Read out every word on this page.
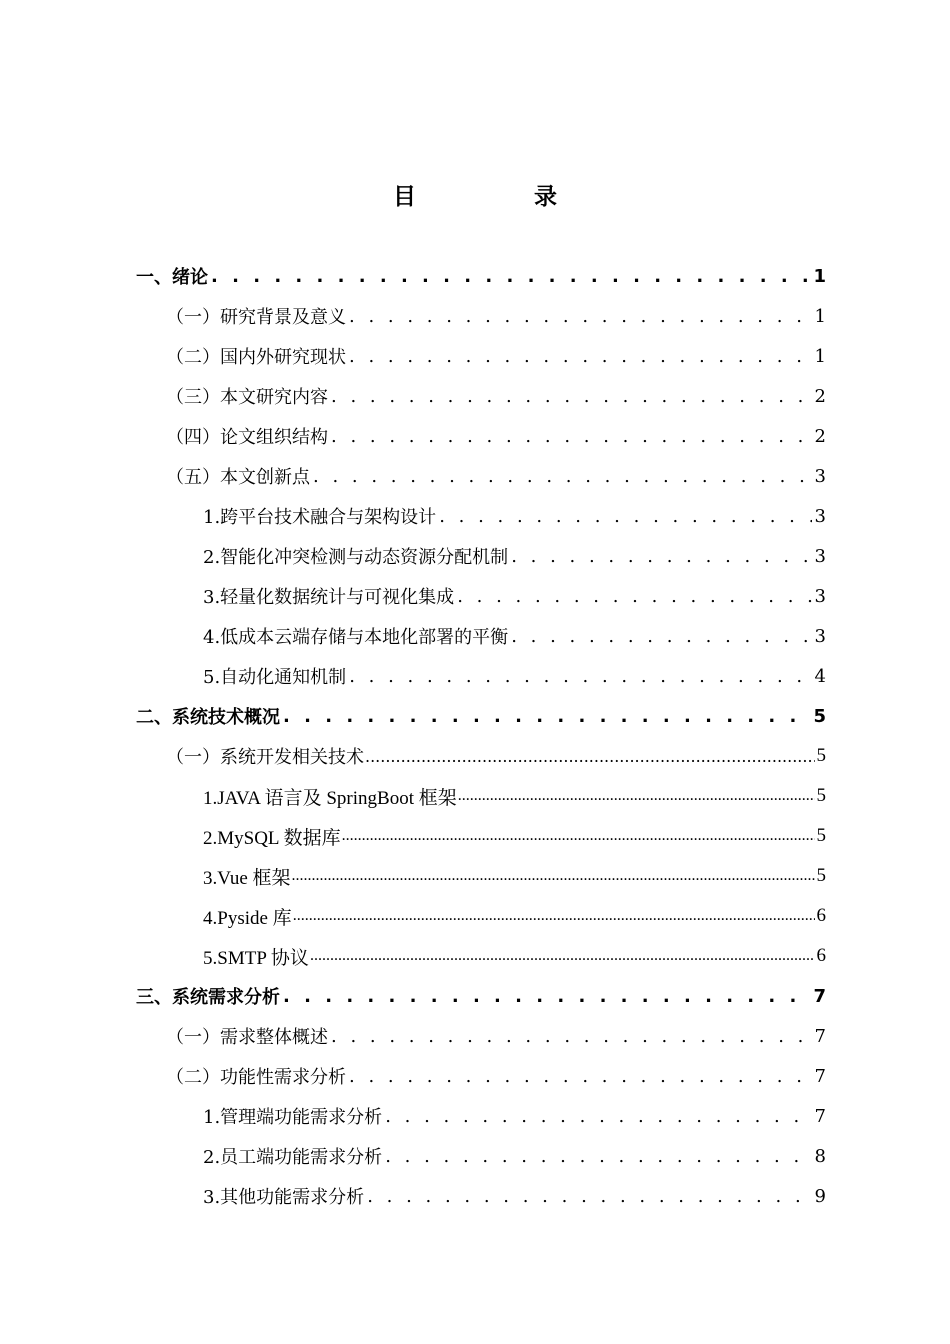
目 录
一、绪论 . . .	1
（一）研究背景及意义 . . .	1
（二）国内外研究现状 . . .	1
（三）本文研究内容 . . .	2
（四）论文组织结构 . . .	2
（五）本文创新点 . . .	3
1.跨平台技术融合与架构设计 . . .	3
2.智能化冲突检测与动态资源分配机制 . . .	3
3.轻量化数据统计与可视化集成 . . .	3
4.低成本云端存储与本地化部署的平衡 . . .	3
5.自动化通知机制 . . .	4
二、系统技术概况 . . .	5
（一）系统开发相关技术 .....	5
1.JAVA 语言及 SpringBoot 框架 .....	5
2.MySQL 数据库 .....	5
3.Vue 框架 .....	5
4.Pyside 库 .....	6
5.SMTP 协议 .....	6
三、系统需求分析 . . .	7
（一）需求整体概述 . . .	7
（二）功能性需求分析 . . .	7
1.管理端功能需求分析 . . .	7
2.员工端功能需求分析 . . .	8
3.其他功能需求分析 . . .	9
